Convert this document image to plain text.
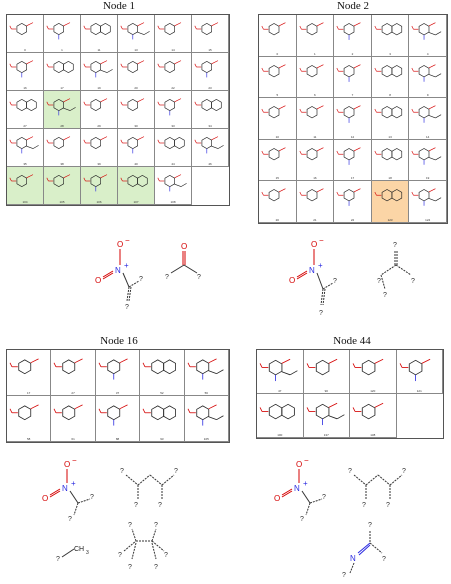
Node 1
0	1	11	13	14	15
16	17	19	20	22	23
27	28	29	30	33	34
35	38	39	40	44	46
104	105	106	107	108
Node 2
0	1	2	3	4
5	6	7	8	9
10	11	12	13	14
15	16	17	18	19
20	21	22	123	124
Node 16
17	27	37	52	56
58	61	88	93	105
Node 44
47	90	120	121
100	137	138
O −
N
+
O	?
?
O
?	?
O −
N
+
O	?
?
?
?	?
?
O −
N
+
O	?
?
?	?
?	?
?
CH 3
?	?
?	?
?	?
O −
N
+
O	?
?
?	?
?	?
?
N
?
?
